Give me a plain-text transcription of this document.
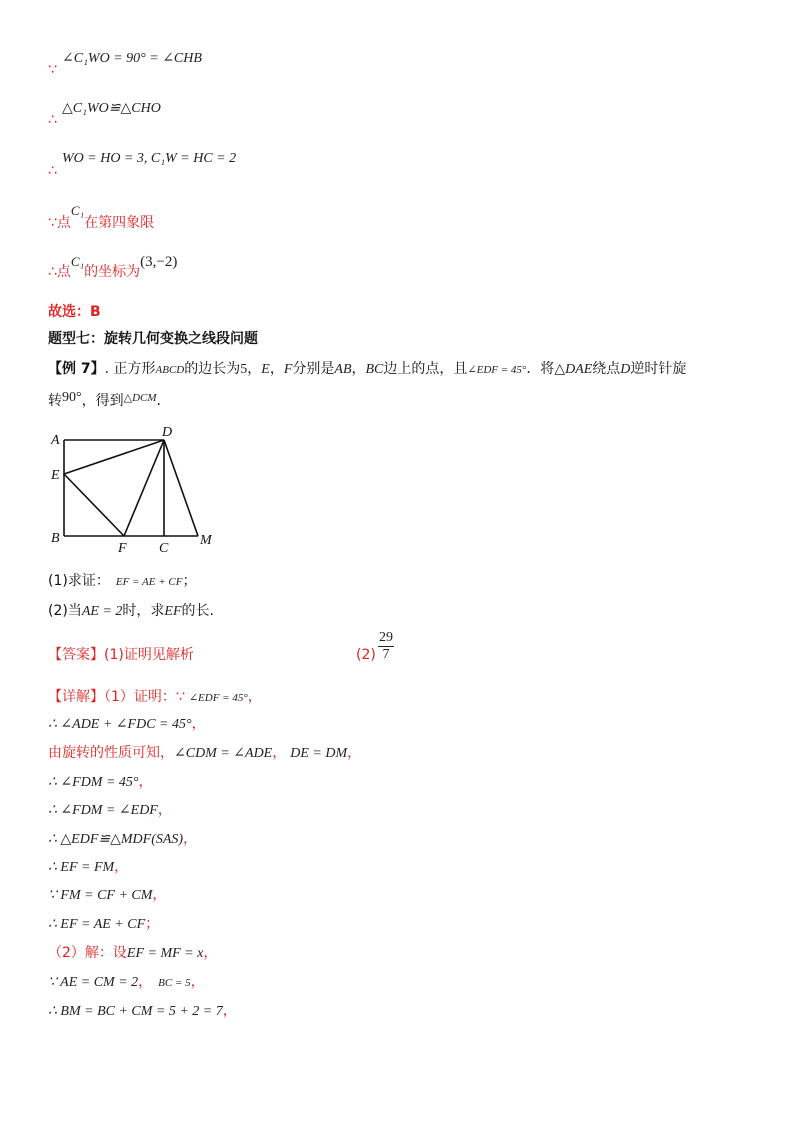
∵
∠C₁WO = 90° = ∠CHB
∴
△C₁WO≌△CHO
∴
WO = HO = 3, C₁W = HC = 2
∵点C₁在第四象限
∴点C₁的坐标为(3,−2)
故选：B
题型七：旋转几何变换之线段问题
【例 7】. 正方形ABCD的边长为5，E，F分别是AB，BC边上的点，且∠EDF = 45°．将△DAE绕点D逆时针旋
转90°，得到$^{\triangle DCM}$．
A
D
E
B
F C
M
(1)求证： EF = AE + CF；
(2)当AE = 2时，求EF的长.
【答案】(1)证明见解析	$(2) \frac{29}{7}$
【详解】（1）证明：∵ ∠EDF = 45°，
∴ ∠ADE + ∠FDC = 45°，
由旋转的性质可知，∠CDM = ∠ADE， DE = DM，
∴ ∠FDM = 45°，
∴ ∠FDM = ∠EDF，
∴ △EDF≌△MDF(SAS)，
∴ EF = FM，
∵ FM = CF + CM，
∴ EF = AE + CF；
（2）解：设EF = MF = x，
∵ AE = CM = 2， BC = 5，
∴ BM = BC + CM = 5 + 2 = 7，
